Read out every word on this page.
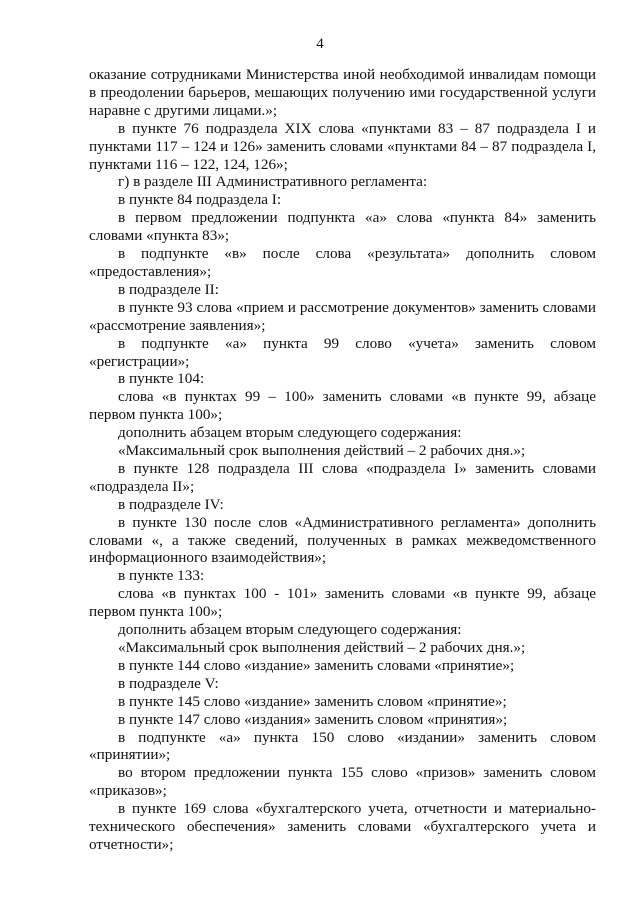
4

оказание сотрудниками Министерства иной необходимой инвалидам помощи в преодолении барьеров, мешающих получению ими государственной услуги наравне с другими лицами.»;

в пункте 76 подраздела XIX слова «пунктами 83 – 87 подраздела I и пунктами 117 – 124 и 126» заменить словами «пунктами 84 – 87 подраздела I, пунктами 116 – 122, 124, 126»;

г) в разделе III Административного регламента:

в пункте 84 подраздела I:

в первом предложении подпункта «а» слова «пункта 84» заменить словами «пункта 83»;

в подпункте «в» после слова «результата» дополнить словом «предоставления»;

в подразделе II:

в пункте 93 слова «прием и рассмотрение документов» заменить словами «рассмотрение заявления»;

в подпункте «а» пункта 99 слово «учета» заменить словом «регистрации»;

в пункте 104:

слова «в пунктах 99 – 100» заменить словами «в пункте 99, абзаце первом пункта 100»;

дополнить абзацем вторым следующего содержания:

«Максимальный срок выполнения действий – 2 рабочих дня.»;

в пункте 128 подраздела III слова «подраздела I» заменить словами «подраздела II»;

в подразделе IV:

в пункте 130 после слов «Административного регламента» дополнить словами «, а также сведений, полученных в рамках межведомственного информационного взаимодействия»;

в пункте 133:

слова «в пунктах 100 - 101» заменить словами «в пункте 99, абзаце первом пункта 100»;

дополнить абзацем вторым следующего содержания:

«Максимальный срок выполнения действий – 2 рабочих дня.»;

в пункте 144 слово «издание» заменить словами «принятие»;

в подразделе V:

в пункте 145 слово «издание» заменить словом «принятие»;

в пункте 147 слово «издания» заменить словом «принятия»;

в подпункте «а» пункта 150 слово «издании» заменить словом «принятии»;

во втором предложении пункта 155 слово «призов» заменить словом «приказов»;

в пункте 169 слова «бухгалтерского учета, отчетности и материально-технического обеспечения» заменить словами «бухгалтерского учета и отчетности»;
